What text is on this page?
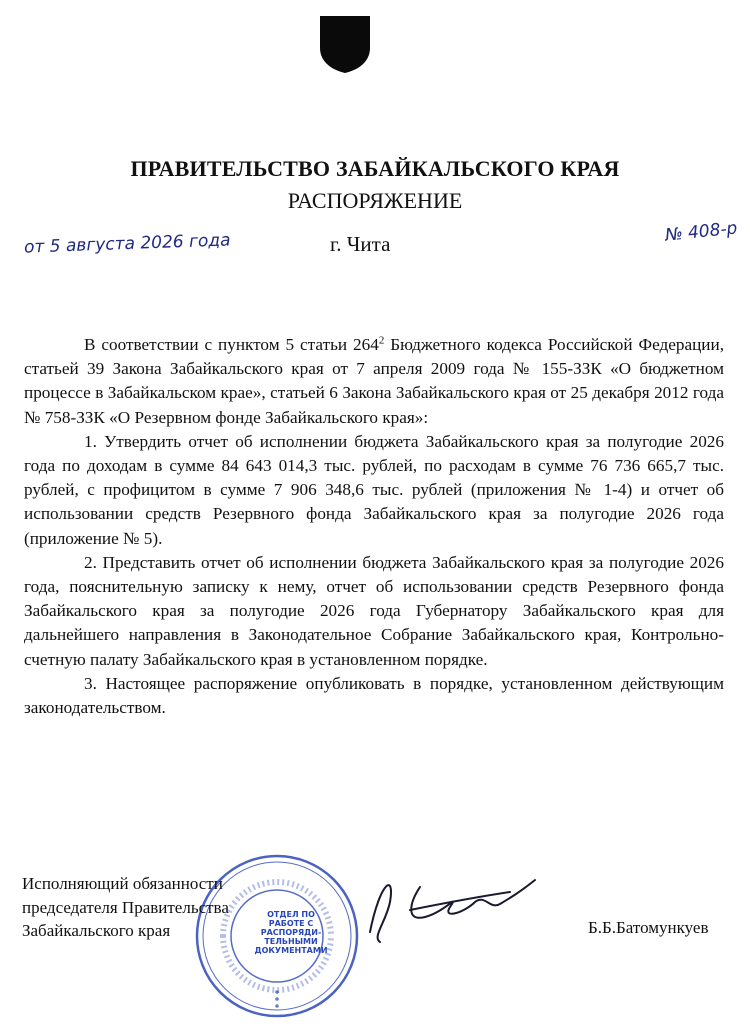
ПРАВИТЕЛЬСТВО ЗАБАЙКАЛЬСКОГО КРАЯ
РАСПОРЯЖЕНИЕ
от 5 августа 2026 года	г. Чита	№ 408-р

В соответствии с пунктом 5 статьи $264^2$ Бюджетного кодекса Российской Федерации, статьей 39 Закона Забайкальского края от 7 апреля 2009 года № 155-ЗЗК «О бюджетном процессе в Забайкальском крае», статьей 6 Закона Забайкальского края от 25 декабря 2012 года № 758-ЗЗК «О Резервном фонде Забайкальского края»:

1. Утвердить отчет об исполнении бюджета Забайкальского края за полугодие 2026 года по доходам в сумме 84 643 014,3 тыс. рублей, по расходам в сумме 76 736 665,7 тыс. рублей, с профицитом в сумме 7 906 348,6 тыс. рублей (приложения № 1-4) и отчет об использовании средств Резервного фонда Забайкальского края за полугодие 2026 года (приложение № 5).

2. Представить отчет об исполнении бюджета Забайкальского края за полугодие 2026 года, пояснительную записку к нему, отчет об использовании средств Резервного фонда Забайкальского края за полугодие 2026 года Губернатору Забайкальского края для дальнейшего направления в Законодательное Собрание Забайкальского края, Контрольно-счетную палату Забайкальского края в установленном порядке.

3. Настоящее распоряжение опубликовать в порядке, установленном действующим законодательством.

ОТДЕЛ ПО РАБОТЕ С РАСПОРЯДИ-ТЕЛЬНЫМИ ДОКУМЕНТАМИ
Исполняющий обязанности
председателя Правительства
Забайкальского края	Б.Б.Батомункуев
